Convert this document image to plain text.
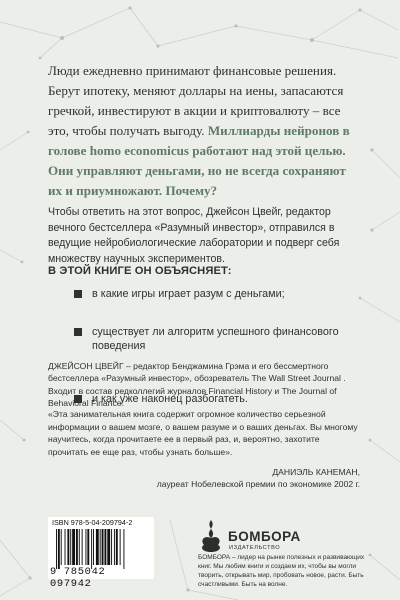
Люди ежедневно принимают финансовые решения. Берут ипотеку, меняют доллары на иены, запасаются гречкой, инвестируют в акции и криптовалюту – все это, чтобы получать выгоду. Миллиарды нейронов в голове homo economicus работают над этой целью. Они управляют деньгами, но не всегда сохраняют их и приумножают. Почему?

Чтобы ответить на этот вопрос, Джейсон Цвейг, редактор вечного бестселлера «Разумный инвестор», отправился в ведущие нейробиологические лаборатории и подверг себя множеству научных экспериментов.

В ЭТОЙ КНИГЕ ОН ОБЪЯСНЯЕТ:
в какие игры играет разум с деньгами;
существует ли алгоритм успешного финансового поведения
и как уже наконец разбогатеть.

ДЖЕЙСОН ЦВЕЙГ – редактор Бенджамина Грэма и его бессмертного бестселлера «Разумный инвестор», обозреватель The Wall Street Journal . Входит в состав редколлегий журналов Financial History и The Journal of Behavioral Finance.

«Эта занимательная книга содержит огромное количество серьезной информации о вашем мозге, о вашем разуме и о ваших деньгах. Вы многому научитесь, когда прочитаете ее в первый раз, и, вероятно, захотите прочитать ее еще раз, чтобы узнать больше».

ДАНИЭЛЬ КАНЕМАН,
лауреат Нобелевской премии по экономике 2002 г.
ISBN 978-5-04-209794-2
9 785042 097942
БОМБОРА
ИЗДАТЕЛЬСТВО

БОМБОРА – лидер на рынке полезных и развивающих книг. Мы любим книги и создаем их, чтобы вы могли творить, открывать мир, пробовать новое, расти. Быть счастливыми. Быть на волне.
